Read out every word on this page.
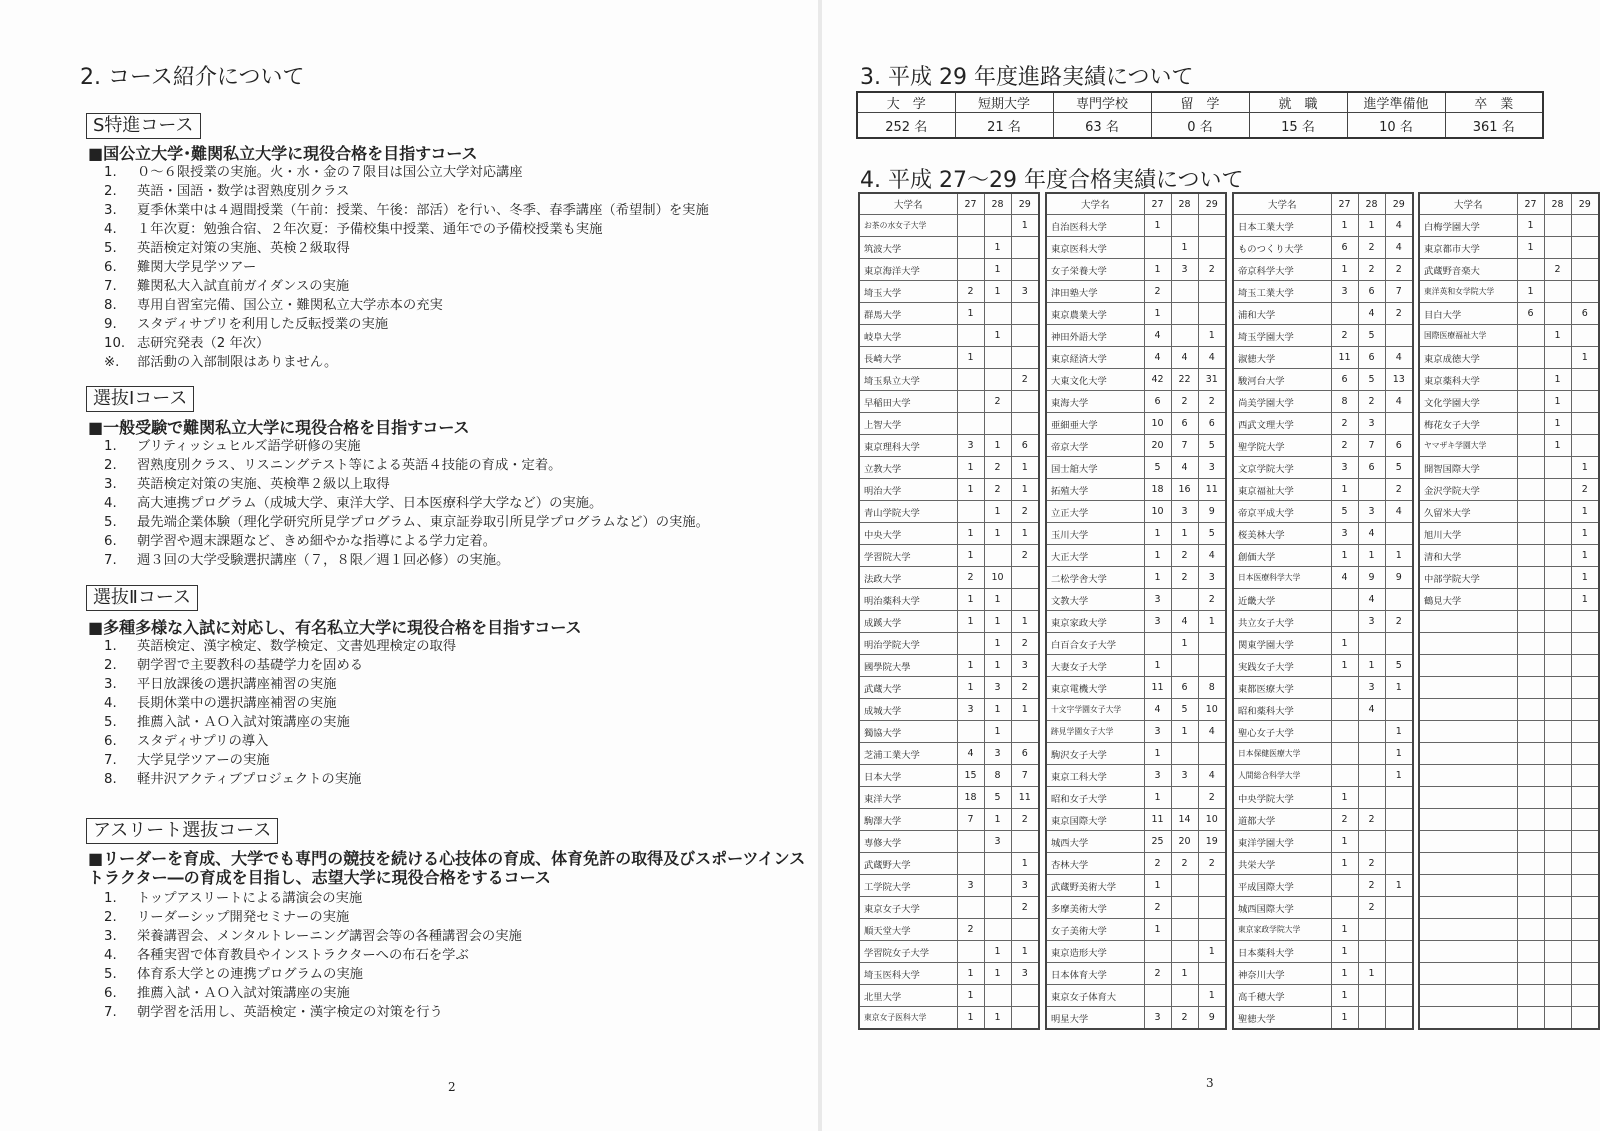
2. コース紹介について
S特進コース
■国公立大学･難関私立大学に現役合格を目指すコース
1. ０～６限授業の実施。火・水・金の７限目は国公立大学対応講座
2. 英語・国語・数学は習熟度別クラス
3. 夏季休業中は４週間授業（午前：授業、午後：部活）を行い、冬季、春季講座（希望制）を実施
4. １年次夏：勉強合宿、２年次夏：予備校集中授業、通年での予備校授業も実施
5. 英語検定対策の実施、英検２級取得
6. 難関大学見学ツアー
7. 難関私大入試直前ガイダンスの実施
8. 専用自習室完備、国公立・難関私立大学赤本の充実
9. スタディサプリを利用した反転授業の実施
10. 志研究発表（2 年次）
※. 部活動の入部制限はありません。
選抜Ⅰコース
■一般受験で難関私立大学に現役合格を目指すコース
1. ブリティッシュヒルズ語学研修の実施
2. 習熟度別クラス、リスニングテスト等による英語４技能の育成・定着。
3. 英語検定対策の実施、英検準２級以上取得
4. 高大連携プログラム（成城大学、東洋大学、日本医療科学大学など）の実施。
5. 最先端企業体験（理化学研究所見学プログラム、東京証券取引所見学プログラムなど）の実施。
6. 朝学習や週末課題など、きめ細やかな指導による学力定着。
7. 週３回の大学受験選択講座（７，８限／週１回必修）の実施。
選抜Ⅱコース
■多種多様な入試に対応し、有名私立大学に現役合格を目指すコース
1. 英語検定、漢字検定、数学検定、文書処理検定の取得
2. 朝学習で主要教科の基礎学力を固める
3. 平日放課後の選択講座補習の実施
4. 長期休業中の選択講座補習の実施
5. 推薦入試・ＡＯ入試対策講座の実施
6. スタディサプリの導入
7. 大学見学ツアーの実施
8. 軽井沢アクティブプロジェクトの実施
アスリート選抜コース
■リーダーを育成、大学でも専門の競技を続ける心技体の育成、体育免許の取得及びスポーツインストラクター―の育成を目指し、志望大学に現役合格をするコース
1. トップアスリートによる講演会の実施
2. リーダーシップ開発セミナーの実施
3. 栄養講習会、メンタルトレーニング講習会等の各種講習会の実施
4. 各種実習で体育教員やインストラクターへの布石を学ぶ
5. 体育系大学との連携プログラムの実施
6. 推薦入試・ＡＯ入試対策講座の実施
7. 朝学習を活用し、英語検定・漢字検定の対策を行う
2
3. 平成 29 年度進路実績について
大　学	短期大学	専門学校	留　学	就　職	進学準備他	卒　業
252 名	21 名	63 名	0 名	15 名	10 名	361 名
4. 平成 27～29 年度合格実績について
大学名	27	28	29
お茶の水女子大学			1
筑波大学		1	
東京海洋大学		1	
埼玉大学	2	1	3
群馬大学	1		
岐阜大学		1	
長崎大学	1		
埼玉県立大学			2
早稲田大学		2	
上智大学			
東京理科大学	3	1	6
立教大学	1	2	1
明治大学	1	2	1
青山学院大学		1	2
中央大学	1	1	1
学習院大学	1		2
法政大学	2	10	
明治薬科大学	1	1	
成蹊大学	1	1	1
明治学院大学		1	2
國學院大學	1	1	3
武蔵大学	1	3	2
成城大学	3	1	1
獨協大学		1	
芝浦工業大学	4	3	6
日本大学	15	8	7
東洋大学	18	5	11
駒澤大学	7	1	2
専修大学		3	
武蔵野大学			1
工学院大学	3		3
東京女子大学			2
順天堂大学	2		
学習院女子大学		1	1
埼玉医科大学	1	1	3
北里大学	1		
東京女子医科大学	1	1	
大学名	27	28	29
自治医科大学	1		
東京医科大学		1	
女子栄養大学	1	3	2
津田塾大学	2		
東京農業大学	1		
神田外語大学	4		1
東京経済大学	4	4	4
大東文化大学	42	22	31
東海大学	6	2	2
亜細亜大学	10	6	6
帝京大学	20	7	5
国士舘大学	5	4	3
拓殖大学	18	16	11
立正大学	10	3	9
玉川大学	1	1	5
大正大学	1	2	4
二松学舎大学	1	2	3
文教大学	3		2
東京家政大学	3	4	1
白百合女子大学		1	
大妻女子大学	1		
東京電機大学	11	6	8
十文字学園女子大学	4	5	10
跡見学園女子大学	3	1	4
駒沢女子大学	1		
東京工科大学	3	3	4
昭和女子大学	1		2
東京国際大学	11	14	10
城西大学	25	20	19
杏林大学	2	2	2
武蔵野美術大学	1		
多摩美術大学	2		
女子美術大学	1		
東京造形大学			1
日本体育大学	2	1	
東京女子体育大			1
明星大学	3	2	9
大学名	27	28	29
日本工業大学	1	1	4
ものつくり大学	6	2	4
帝京科学大学	1	2	2
埼玉工業大学	3	6	7
浦和大学		4	2
埼玉学園大学	2	5	
淑徳大学	11	6	4
駿河台大学	6	5	13
尚美学園大学	8	2	4
西武文理大学	2	3	
聖学院大学	2	7	6
文京学院大学	3	6	5
東京福祉大学	1		2
帝京平成大学	5	3	4
桜美林大学	3	4	
創価大学	1	1	1
日本医療科学大学	4	9	9
近畿大学		4	
共立女子大学		3	2
関東学園大学	1		
実践女子大学	1	1	5
東都医療大学		3	1
昭和薬科大学		4	
聖心女子大学			1
日本保健医療大学			1
人間総合科学大学			1
中央学院大学	1		
道都大学	2	2	
東洋学園大学	1		
共栄大学	1	2	
平成国際大学		2	1
城西国際大学		2	
東京家政学院大学	1		
日本薬科大学	1		
神奈川大学	1	1	
高千穂大学	1		
聖徳大学	1		
大学名	27	28	29
白梅学園大学	1		
東京都市大学	1		
武蔵野音楽大		2	
東洋英和女学院大学	1		
目白大学	6		6
国際医療福祉大学		1	
東京成徳大学			1
東京薬科大学		1	
文化学園大学		1	
梅花女子大学		1	
ヤマザキ学園大学		1	
開智国際大学			1
金沢学院大学			2
久留米大学			1
旭川大学			1
清和大学			1
中部学院大学			1
鶴見大学			1

3
